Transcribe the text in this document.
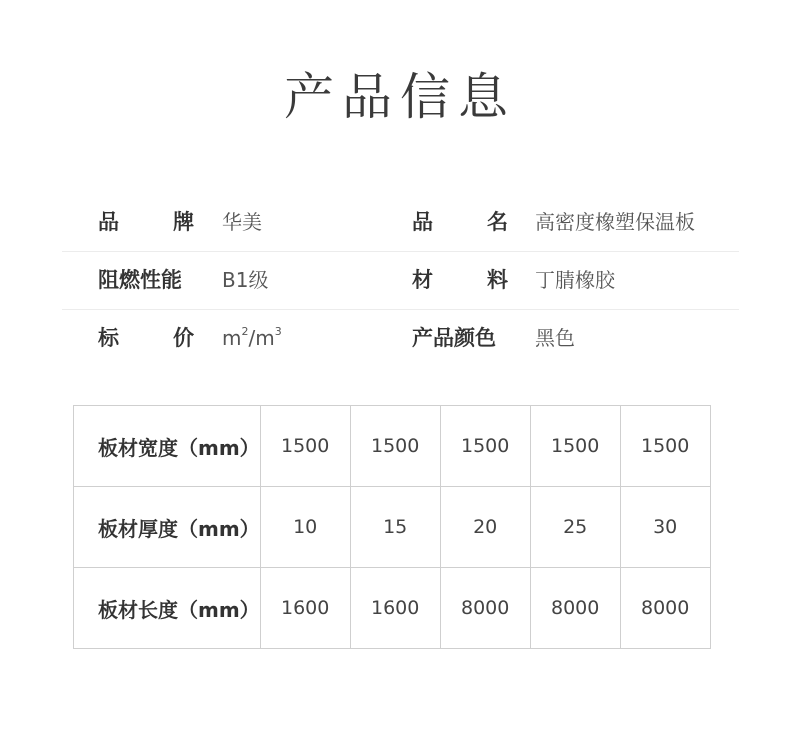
产品信息
品	牌 华美	品	名 高密度橡塑保温板
阻燃性能 B1级	材	料 丁腈橡胶
标	价 $m^2/m^3$	产品颜色 黑色
板材宽度（mm）	1500	1500	1500	1500	1500
板材厚度（mm）	10	15	20	25	30
板材长度（mm）	1600	1600	8000	8000	8000
